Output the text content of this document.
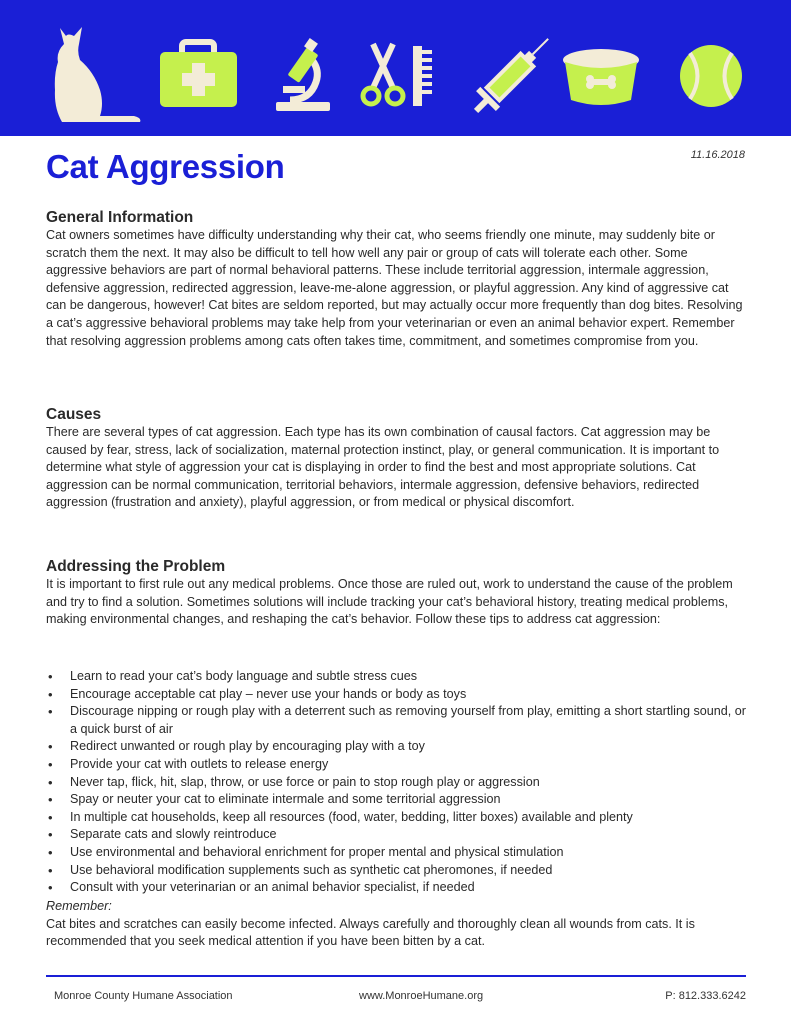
11.16.2018
Cat Aggression
General Information

Cat owners sometimes have difficulty understanding why their cat, who seems friendly one minute, may suddenly bite or scratch them the next. It may also be difficult to tell how well any pair or group of cats will tolerate each other. Some aggressive behaviors are part of normal behavioral patterns. These include territorial aggression, intermale aggression, defensive aggression, redirected aggression, leave-me-alone aggression, or playful aggression. Any kind of aggressive cat can be dangerous, however! Cat bites are seldom reported, but may actually occur more frequently than dog bites. Resolving a cat’s aggressive behavioral problems may take help from your veterinarian or even an animal behavior expert. Remember that resolving aggression problems among cats often takes time, commitment, and sometimes compromise from you.

Causes

There are several types of cat aggression. Each type has its own combination of causal factors. Cat aggression may be caused by fear, stress, lack of socialization, maternal protection instinct, play, or general communication. It is important to determine what style of aggression your cat is displaying in order to find the best and most appropriate solutions. Cat aggression can be normal communication, territorial behaviors, intermale aggression, defensive behaviors, redirected aggression (frustration and anxiety), playful aggression, or from medical or physical discomfort.

Addressing the Problem

It is important to first rule out any medical problems. Once those are ruled out, work to understand the cause of the problem and try to find a solution. Sometimes solutions will include tracking your cat’s behavioral history, treating medical problems, making environmental changes, and reshaping the cat’s behavior. Follow these tips to address cat aggression:

• Learn to read your cat’s body language and subtle stress cues
• Encourage acceptable cat play – never use your hands or body as toys
• Discourage nipping or rough play with a deterrent such as removing yourself from play, emitting a short startling sound, or a quick burst of air
• Redirect unwanted or rough play by encouraging play with a toy
• Provide your cat with outlets to release energy
• Never tap, flick, hit, slap, throw, or use force or pain to stop rough play or aggression
• Spay or neuter your cat to eliminate intermale and some territorial aggression
• In multiple cat households, keep all resources (food, water, bedding, litter boxes) available and plenty
• Separate cats and slowly reintroduce
• Use environmental and behavioral enrichment for proper mental and physical stimulation
• Use behavioral modification supplements such as synthetic cat pheromones, if needed
• Consult with your veterinarian or an animal behavior specialist, if needed
Remember:

Cat bites and scratches can easily become infected. Always carefully and thoroughly clean all wounds from cats. It is recommended that you seek medical attention if you have been bitten by a cat.

Monroe County Humane Association	www.MonroeHumane.org	P: 812.333.6242
